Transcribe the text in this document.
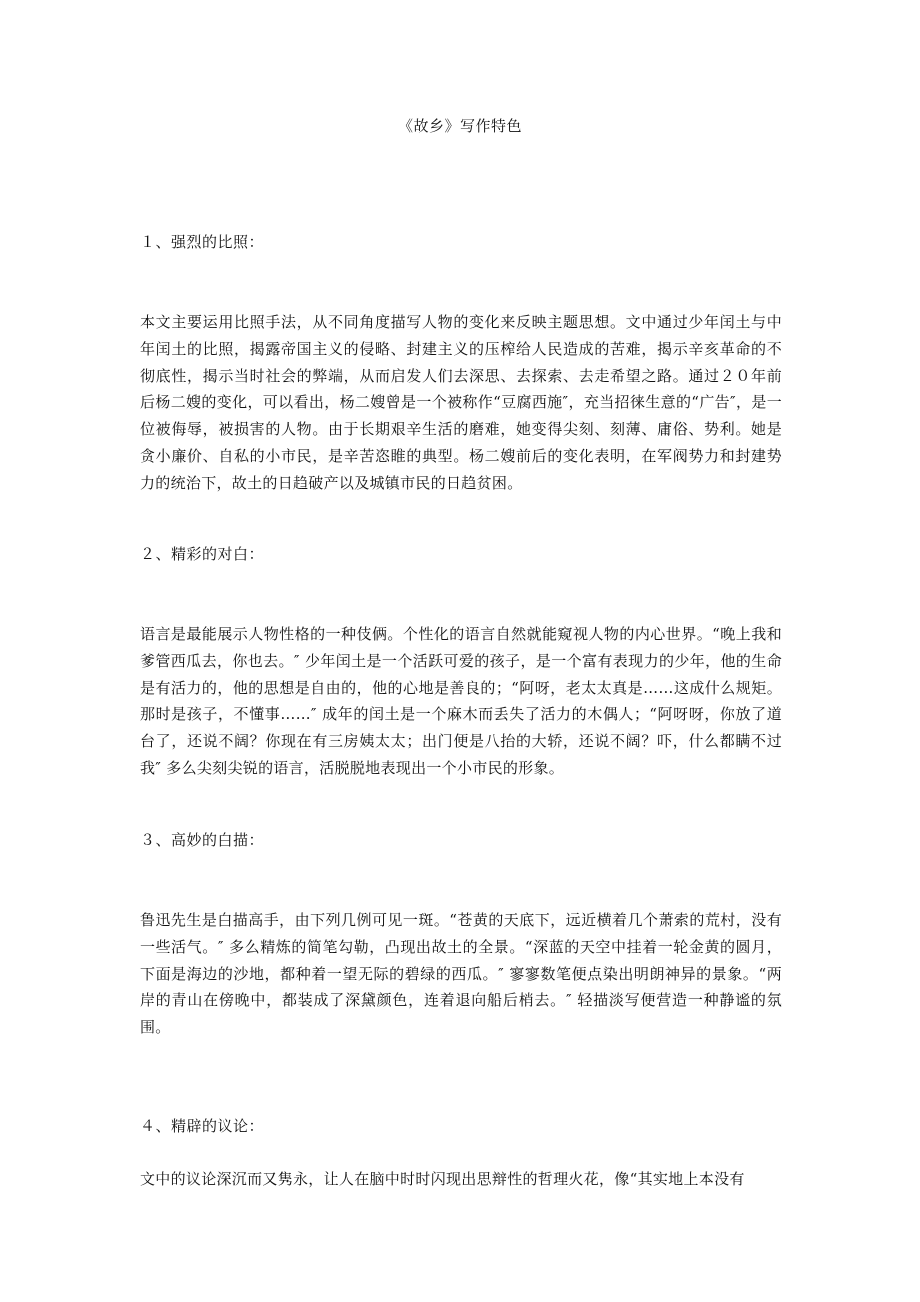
《故乡》写作特色
１、强烈的比照：

本文主要运用比照手法，从不同角度描写人物的变化来反映主题思想。文中通过少年闰土与中年闰土的比照，揭露帝国主义的侵略、封建主义的压榨给人民造成的苦难，揭示辛亥革命的不彻底性，揭示当时社会的弊端，从而启发人们去深思、去探索、去走希望之路。通过２０年前后杨二嫂的变化，可以看出，杨二嫂曾是一个被称作“豆腐西施″，充当招徕生意的“广告″，是一位被侮辱，被损害的人物。由于长期艰辛生活的磨难，她变得尖刻、刻薄、庸俗、势利。她是贪小廉价、自私的小市民，是辛苦恣睢的典型。杨二嫂前后的变化表明，在军阀势力和封建势力的统治下，故土的日趋破产以及城镇市民的日趋贫困。

２、精彩的对白：

语言是最能展示人物性格的一种伎俩。个性化的语言自然就能窥视人物的内心世界。“晚上我和爹管西瓜去，你也去。″ 少年闰土是一个活跃可爱的孩子，是一个富有表现力的少年，他的生命是有活力的，他的思想是自由的，他的心地是善良的；“阿呀，老太太真是……这成什么规矩。那时是孩子，不懂事……″ 成年的闰土是一个麻木而丢失了活力的木偶人；“阿呀呀，你放了道台了，还说不阔？你现在有三房姨太太；出门便是八抬的大轿，还说不阔？吓，什么都瞒不过我″ 多么尖刻尖锐的语言，活脱脱地表现出一个小市民的形象。

３、高妙的白描：

鲁迅先生是白描高手，由下列几例可见一斑。“苍黄的天底下，远近横着几个萧索的荒村，没有一些活气。″ 多么精炼的简笔勾勒，凸现出故土的全景。“深蓝的天空中挂着一轮金黄的圆月，下面是海边的沙地，都种着一望无际的碧绿的西瓜。″ 寥寥数笔便点染出明朗神异的景象。“两岸的青山在傍晚中，都装成了深黛颜色，连着退向船后梢去。″ 轻描淡写便营造一种静谧的氛围。

４、精辟的议论：

文中的议论深沉而又隽永，让人在脑中时时闪现出思辩性的哲理火花，像“其实地上本没有
